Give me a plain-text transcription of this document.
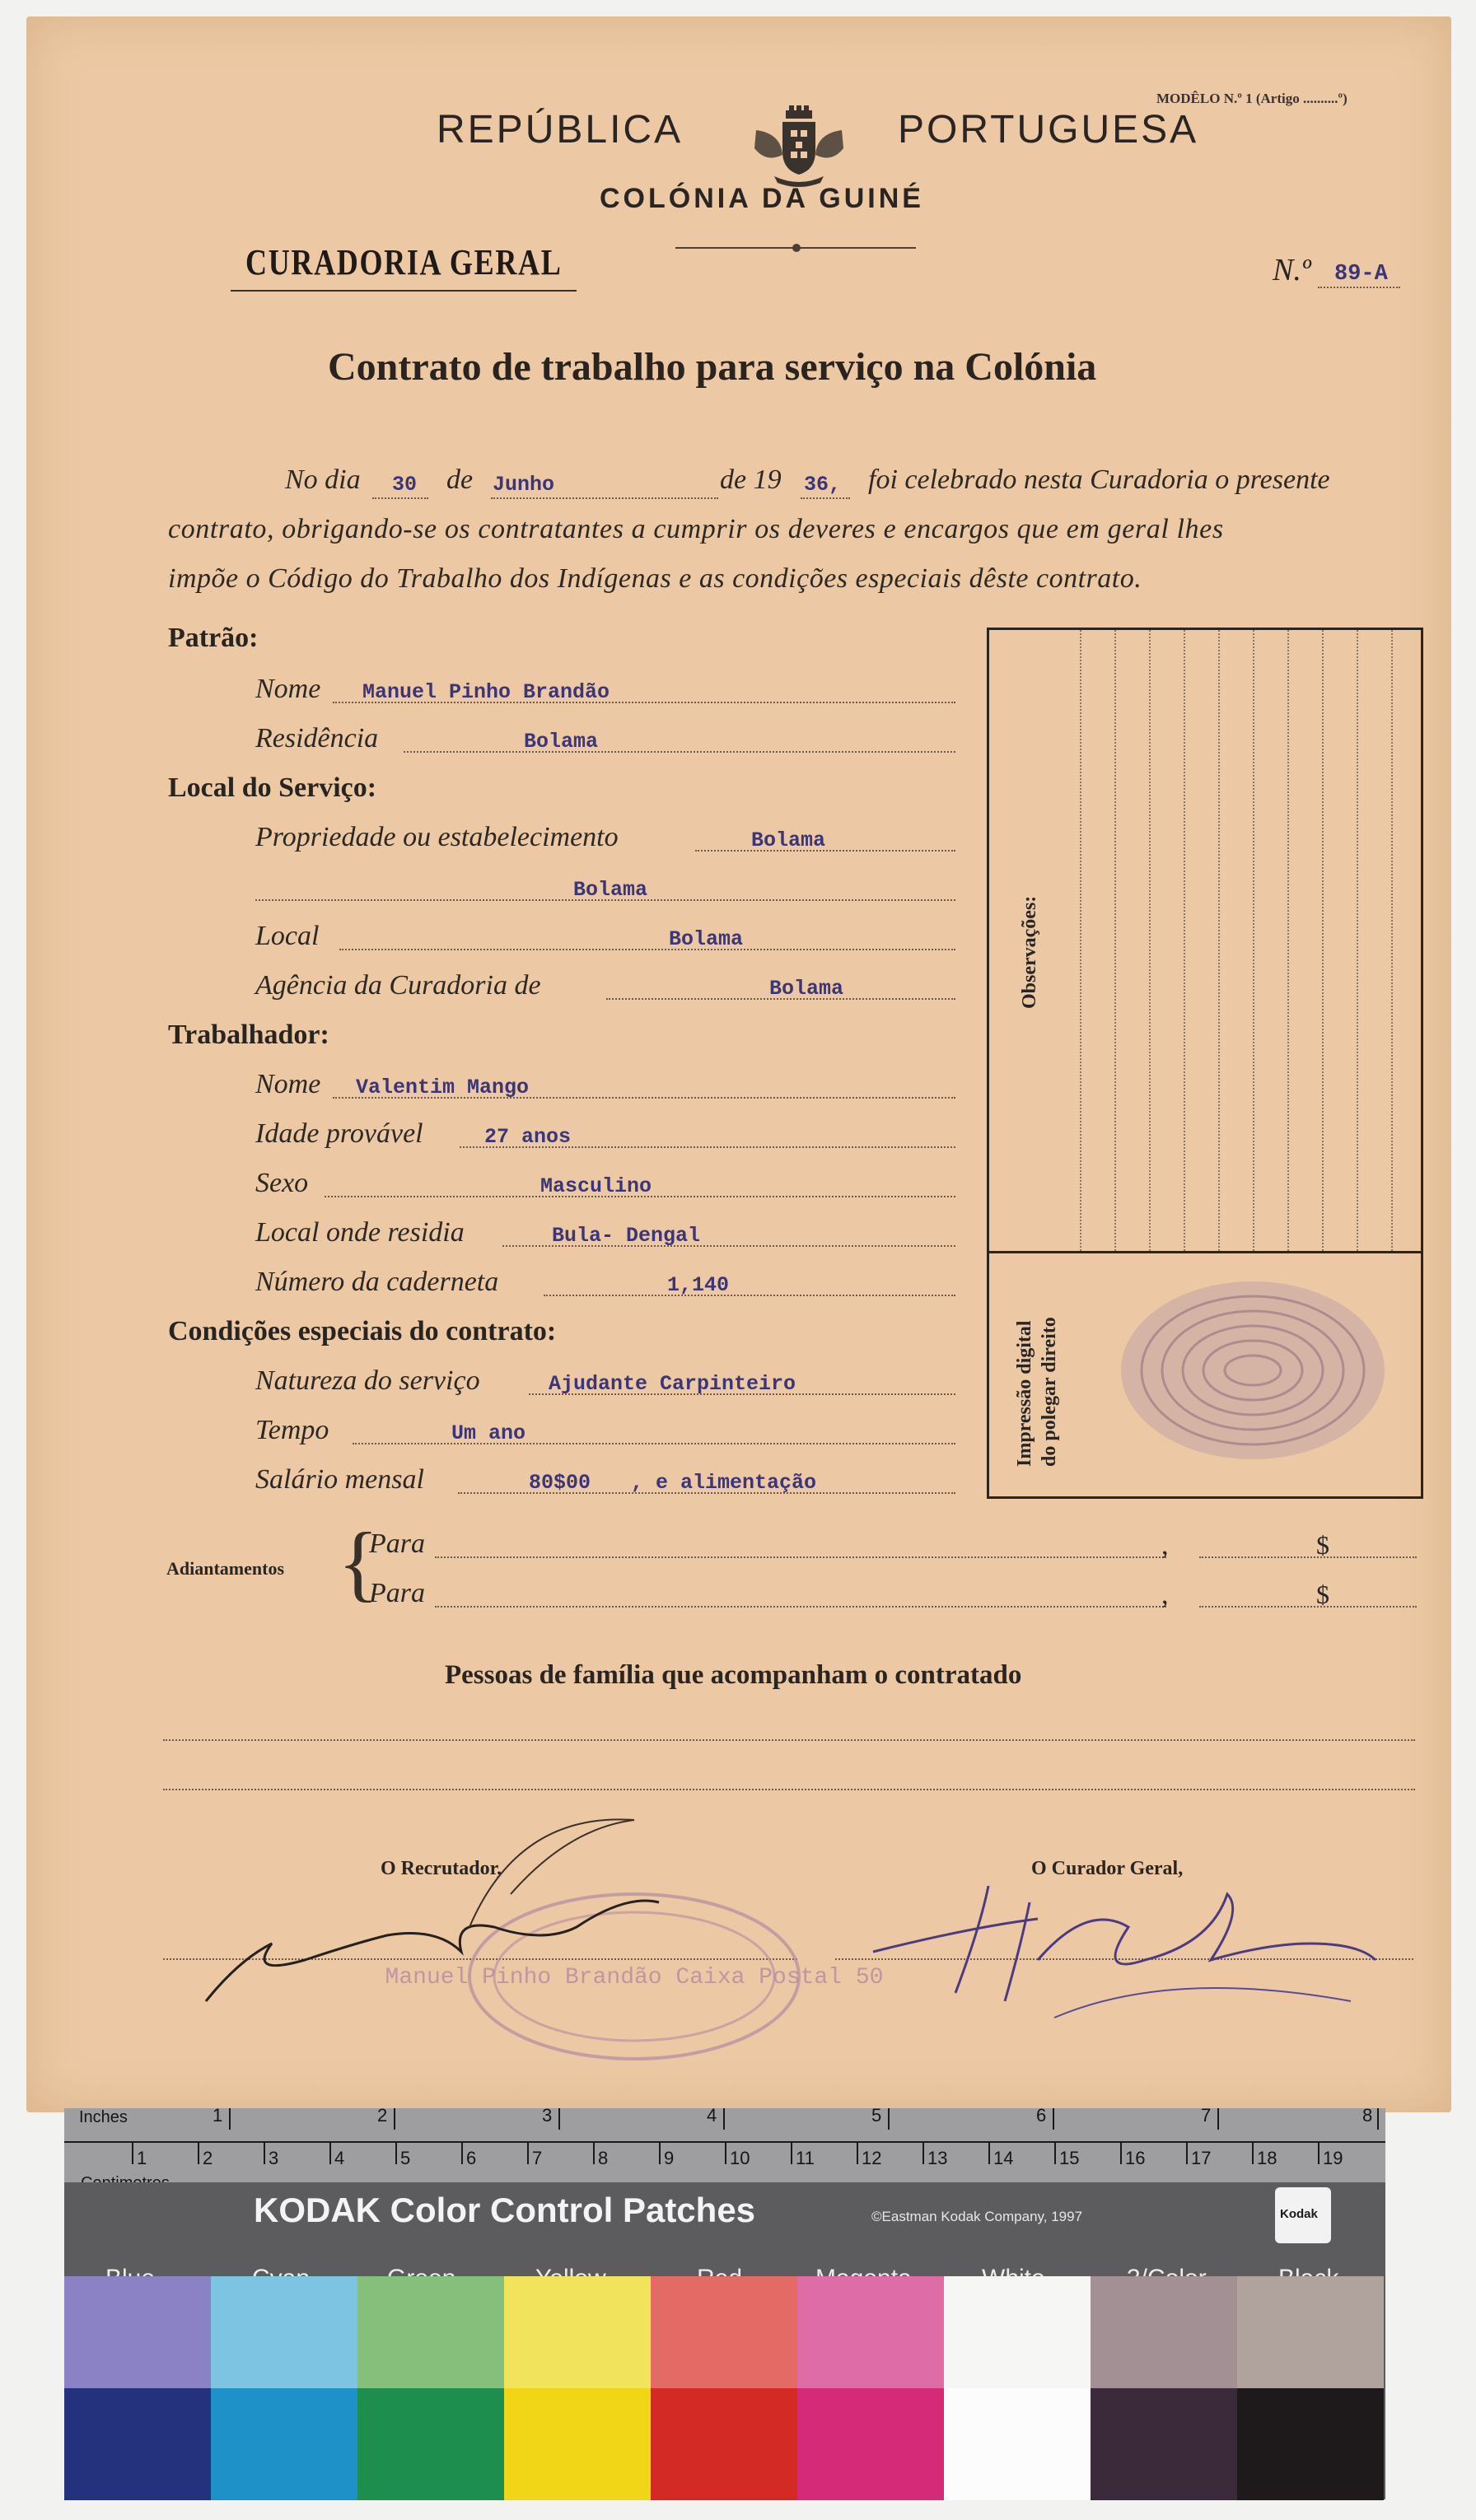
MODÊLO N.º 1 (Artigo ..........º)
REPÚBLICA	PORTUGUESA
COLÓNIA DA GUINÉ
CURADORIA GERAL	N.º 89-A
Contrato de trabalho para serviço na Colónia
No dia 30 de Junho	de 19 36, foi celebrado nesta Curadoria o presente
contrato, obrigando-se os contratantes a cumprir os deveres e encargos que em geral lhes
impõe o Código do Trabalho dos Indígenas e as condições especiais dêste contrato.
Patrão:
Nome Manuel Pinho Brandão
Residência	Bolama
Local do Serviço:
Propriedade ou estabelecimento	Bolama
Bolama
Local	Bolama
Agência da Curadoria de	Bolama
Trabalhador:
Nome Valentim Mango
Idade provável	27 anos
Sexo	Masculino
Local onde residia	Bula- Dengal
Número da caderneta	1,140
Condições especiais do contrato:
Natureza do serviço	Ajudante Carpinteiro
Tempo	Um ano
Salário mensal	80$00 , e alimentação
Observações:
Impressão digital do polegar direito
Adiantamentos {
Para	,	$
Para	,	$
Pessoas de família que acompanham o contratado
O Recrutador,	O Curador Geral,
Manuel Pinho Brandão Caixa Postal 50
Inches	1	2	3	4	5	6	7	8
1	2	3	4	5	6	7	8	9	10	11	12	13	14	15	16	17	18	19
KODAK Color Control Patches	©Eastman Kodak Company, 1997	Kodak
